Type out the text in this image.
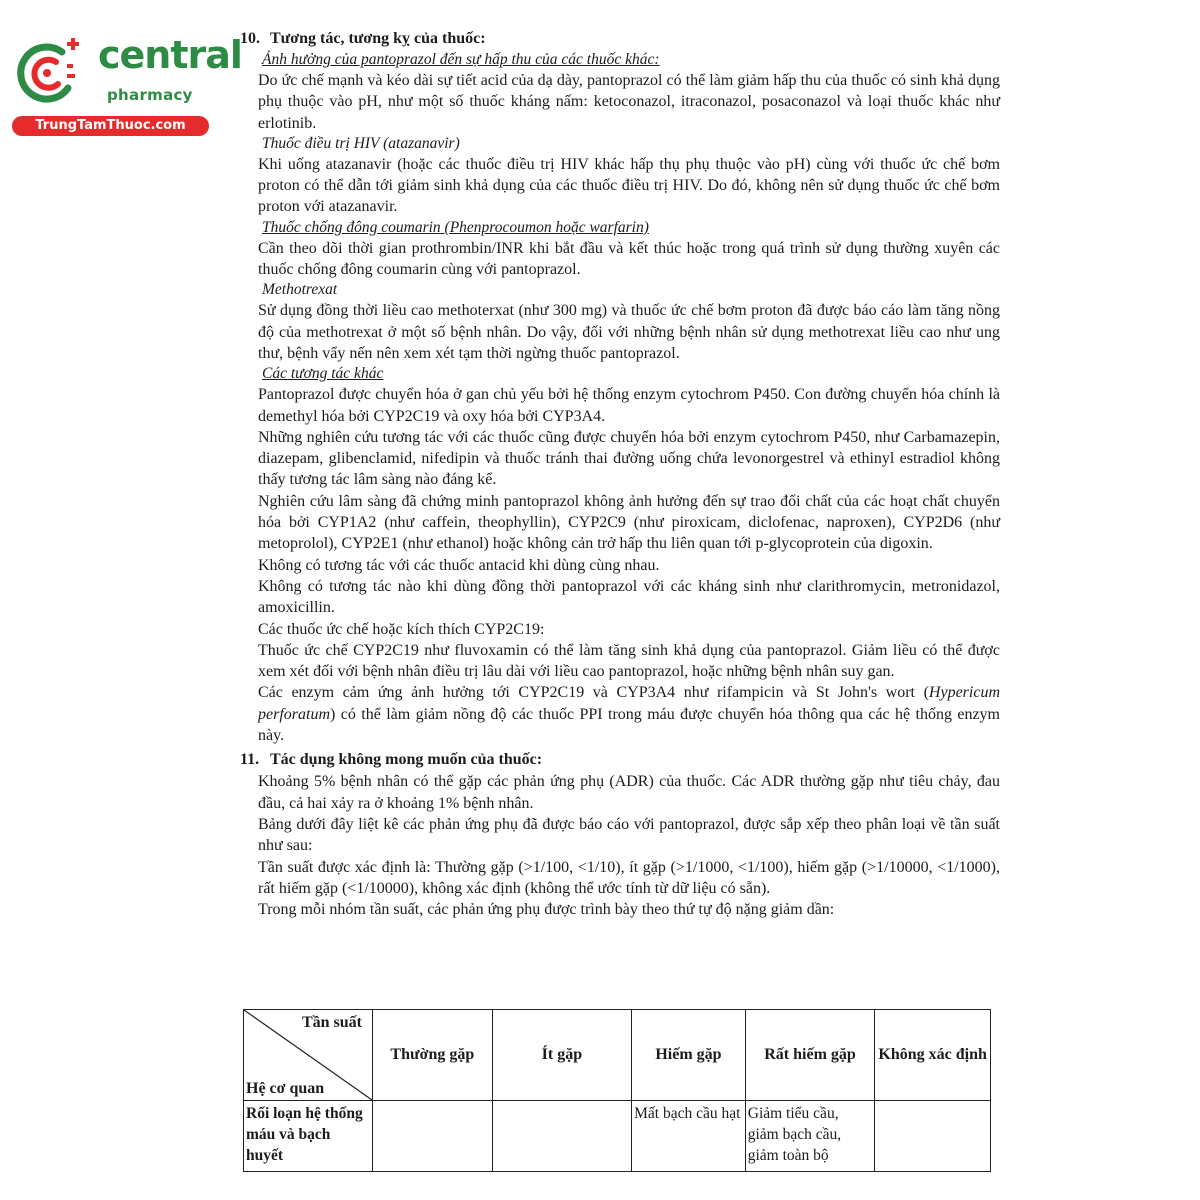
central
pharmacy
TrungTamThuoc.com

10. Tương tác, tương kỵ của thuốc:

Ảnh hưởng của pantoprazol đến sự hấp thu của các thuốc khác:

Do ức chế mạnh và kéo dài sự tiết acid của dạ dày, pantoprazol có thể làm giảm hấp thu của thuốc có sinh khả dụng phụ thuộc vào pH, như một số thuốc kháng nấm: ketoconazol, itraconazol, posaconazol và loại thuốc khác như erlotinib.

Thuốc điều trị HIV (atazanavir)

Khi uống atazanavir (hoặc các thuốc điều trị HIV khác hấp thụ phụ thuộc vào pH) cùng với thuốc ức chế bơm proton có thể dẫn tới giảm sinh khả dụng của các thuốc điều trị HIV. Do đó, không nên sử dụng thuốc ức chế bơm proton với atazanavir.

Thuốc chống đông coumarin (Phenprocoumon hoặc warfarin)

Cần theo dõi thời gian prothrombin/INR khi bắt đầu và kết thúc hoặc trong quá trình sử dụng thường xuyên các thuốc chống đông coumarin cùng với pantoprazol.

Methotrexat

Sử dụng đồng thời liều cao methoterxat (như 300 mg) và thuốc ức chế bơm proton đã được báo cáo làm tăng nồng độ của methotrexat ở một số bệnh nhân. Do vậy, đối với những bệnh nhân sử dụng methotrexat liều cao như ung thư, bệnh vẩy nến nên xem xét tạm thời ngừng thuốc pantoprazol.

Các tương tác khác

Pantoprazol được chuyển hóa ở gan chủ yếu bởi hệ thống enzym cytochrom P450. Con đường chuyển hóa chính là demethyl hóa bởi CYP2C19 và oxy hóa bởi CYP3A4.

Những nghiên cứu tương tác với các thuốc cũng được chuyển hóa bởi enzym cytochrom P450, như Carbamazepin, diazepam, glibenclamid, nifedipin và thuốc tránh thai đường uống chứa levonorgestrel và ethinyl estradiol không thấy tương tác lâm sàng nào đáng kể.

Nghiên cứu lâm sàng đã chứng minh pantoprazol không ảnh hưởng đến sự trao đổi chất của các hoạt chất chuyển hóa bởi CYP1A2 (như caffein, theophyllin), CYP2C9 (như piroxicam, diclofenac, naproxen), CYP2D6 (như metoprolol), CYP2E1 (như ethanol) hoặc không cản trở hấp thu liên quan tới p-glycoprotein của digoxin.

Không có tương tác với các thuốc antacid khi dùng cùng nhau.

Không có tương tác nào khi dùng đồng thời pantoprazol với các kháng sinh như clarithromycin, metronidazol, amoxicillin.

Các thuốc ức chế hoặc kích thích CYP2C19:

Thuốc ức chế CYP2C19 như fluvoxamin có thể làm tăng sinh khả dụng của pantoprazol. Giảm liều có thể được xem xét đối với bệnh nhân điều trị lâu dài với liều cao pantoprazol, hoặc những bệnh nhân suy gan.

Các enzym cảm ứng ảnh hưởng tới CYP2C19 và CYP3A4 như rifampicin và St John's wort (Hypericum perforatum) có thể làm giảm nồng độ các thuốc PPI trong máu được chuyển hóa thông qua các hệ thống enzym này.

11. Tác dụng không mong muốn của thuốc:

Khoảng 5% bệnh nhân có thể gặp các phản ứng phụ (ADR) của thuốc. Các ADR thường gặp như tiêu chảy, đau đầu, cả hai xảy ra ở khoảng 1% bệnh nhân.

Bảng dưới đây liệt kê các phản ứng phụ đã được báo cáo với pantoprazol, được sắp xếp theo phân loại về tần suất như sau:

Tần suất được xác định là: Thường gặp (>1/100, <1/10), ít gặp (>1/1000, <1/100), hiếm gặp (>1/10000, <1/1000), rất hiếm gặp (<1/10000), không xác định (không thể ước tính từ dữ liệu có sẵn).

Trong mỗi nhóm tần suất, các phản ứng phụ được trình bày theo thứ tự độ nặng giảm dần:

Tần suất
Hệ cơ quan	Thường gặp	Ít gặp	Hiếm gặp	Rất hiếm gặp	Không xác định
Rối loạn hệ thống máu và bạch huyết			Mất bạch cầu hạt	Giảm tiểu cầu, giảm bạch cầu, giảm toàn bộ	
